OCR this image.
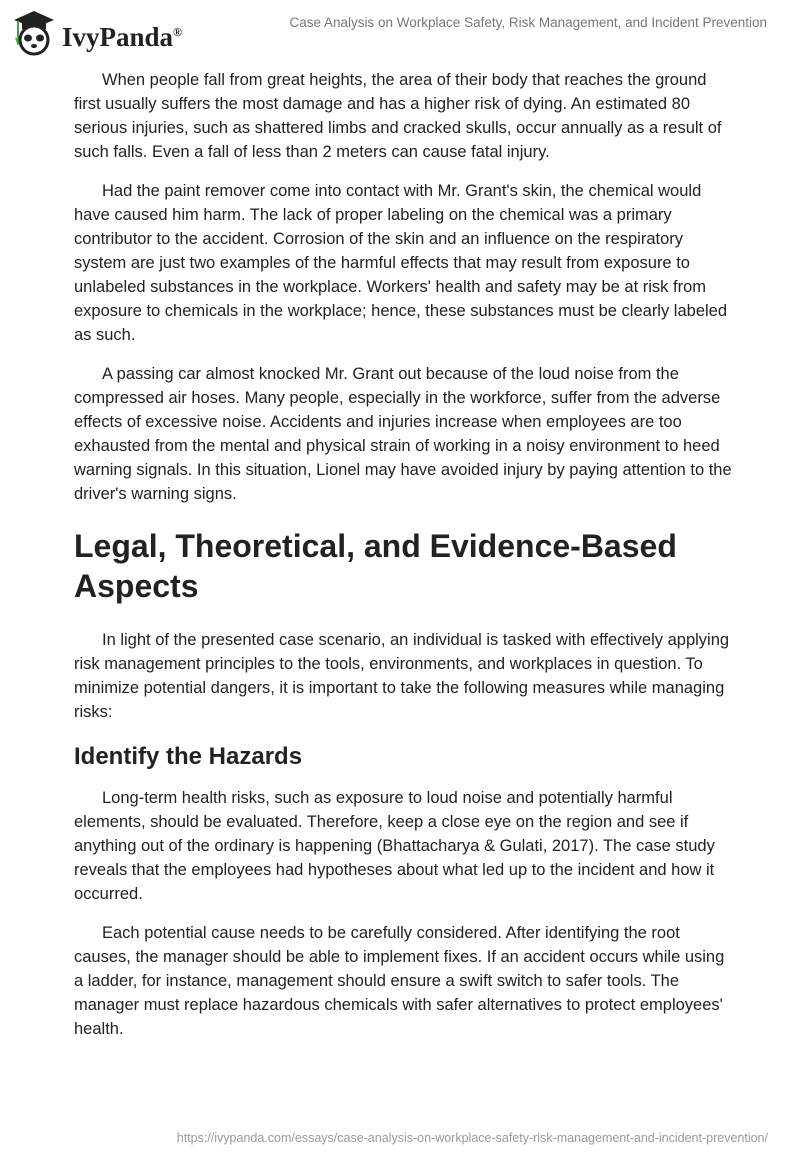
IvyPanda®
Case Analysis on Workplace Safety, Risk Management, and Incident Prevention

When people fall from great heights, the area of their body that reaches the ground first usually suffers the most damage and has a higher risk of dying. An estimated 80 serious injuries, such as shattered limbs and cracked skulls, occur annually as a result of such falls. Even a fall of less than 2 meters can cause fatal injury.

Had the paint remover come into contact with Mr. Grant's skin, the chemical would have caused him harm. The lack of proper labeling on the chemical was a primary contributor to the accident. Corrosion of the skin and an influence on the respiratory system are just two examples of the harmful effects that may result from exposure to unlabeled substances in the workplace. Workers' health and safety may be at risk from exposure to chemicals in the workplace; hence, these substances must be clearly labeled as such.

A passing car almost knocked Mr. Grant out because of the loud noise from the compressed air hoses. Many people, especially in the workforce, suffer from the adverse effects of excessive noise. Accidents and injuries increase when employees are too exhausted from the mental and physical strain of working in a noisy environment to heed warning signals. In this situation, Lionel may have avoided injury by paying attention to the driver's warning signs.

Legal, Theoretical, and Evidence-Based Aspects

In light of the presented case scenario, an individual is tasked with effectively applying risk management principles to the tools, environments, and workplaces in question. To minimize potential dangers, it is important to take the following measures while managing risks:

Identify the Hazards

Long-term health risks, such as exposure to loud noise and potentially harmful elements, should be evaluated. Therefore, keep a close eye on the region and see if anything out of the ordinary is happening (Bhattacharya & Gulati, 2017). The case study reveals that the employees had hypotheses about what led up to the incident and how it occurred.

Each potential cause needs to be carefully considered. After identifying the root causes, the manager should be able to implement fixes. If an accident occurs while using a ladder, for instance, management should ensure a swift switch to safer tools. The manager must replace hazardous chemicals with safer alternatives to protect employees' health.

https://ivypanda.com/essays/case-analysis-on-workplace-safety-risk-management-and-incident-prevention/
